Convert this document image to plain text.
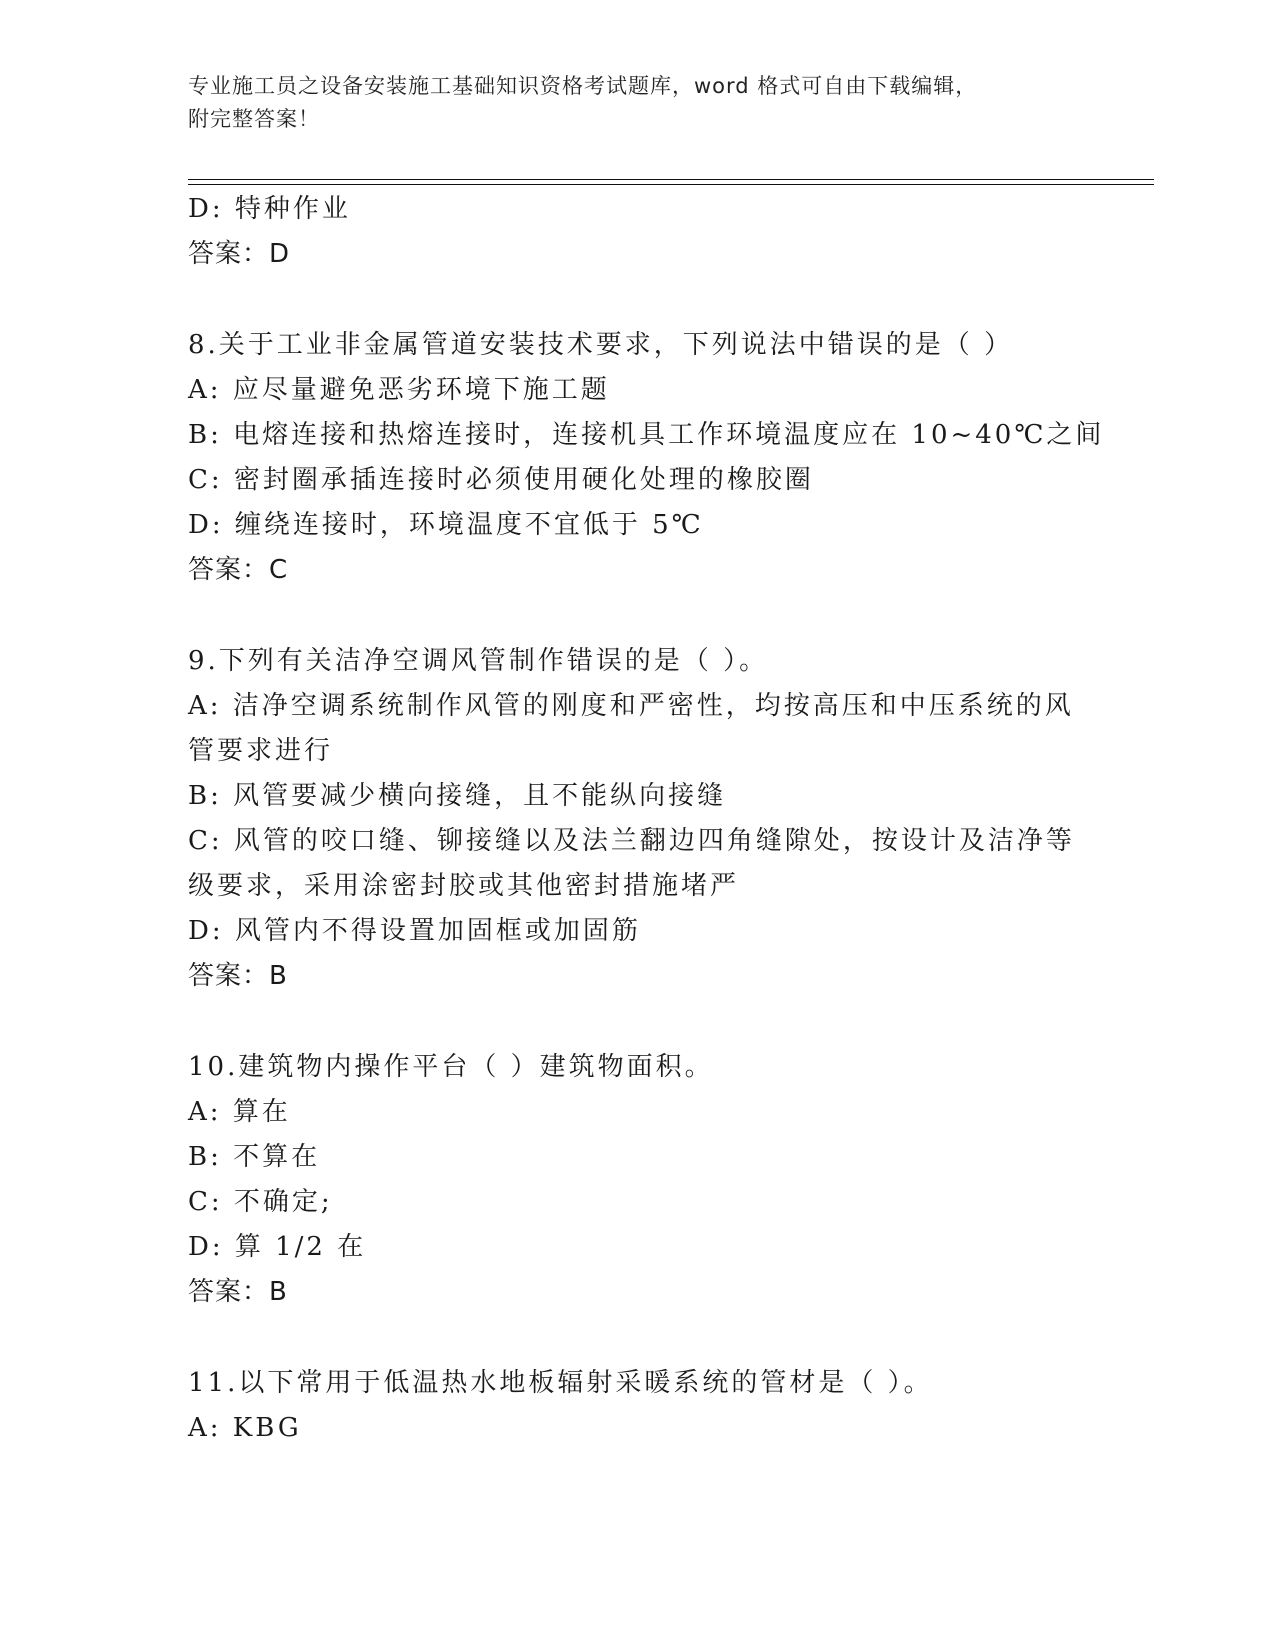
专业施工员之设备安装施工基础知识资格考试题库，word 格式可自由下载编辑，
附完整答案！
D: 特种作业
答案：D
8.关于工业非金属管道安装技术要求，下列说法中错误的是（ ）
A: 应尽量避免恶劣环境下施工题
B: 电熔连接和热熔连接时，连接机具工作环境温度应在 10~40℃之间
C: 密封圈承插连接时必须使用硬化处理的橡胶圈
D: 缠绕连接时，环境温度不宜低于 5℃
答案：C
9.下列有关洁净空调风管制作错误的是（ ）。
A: 洁净空调系统制作风管的刚度和严密性，均按高压和中压系统的风
管要求进行
B: 风管要减少横向接缝，且不能纵向接缝
C: 风管的咬口缝、铆接缝以及法兰翻边四角缝隙处，按设计及洁净等
级要求，采用涂密封胶或其他密封措施堵严
D: 风管内不得设置加固框或加固筋
答案：B
10.建筑物内操作平台（ ）建筑物面积。
A: 算在
B: 不算在
C: 不确定;
D: 算 1/2 在
答案：B
11.以下常用于低温热水地板辐射采暖系统的管材是（ ）。
A: KBG
